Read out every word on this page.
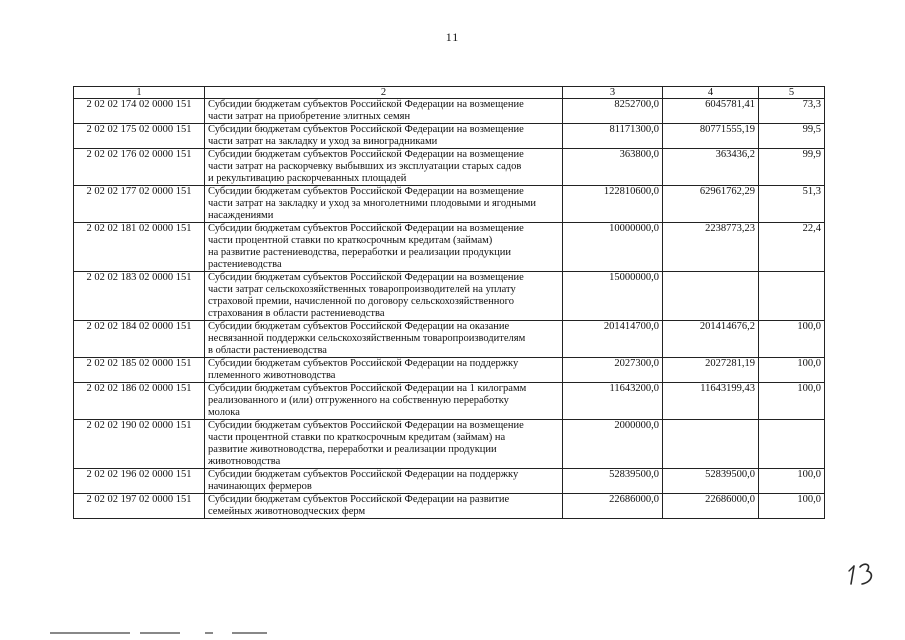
11
1	2	3	4	5
2 02 02 174 02 0000 151	Субсидии бюджетам субъектов Российской Федерации на возмещение
части затрат на приобретение элитных семян	8252700,0	6045781,41	73,3
2 02 02 175 02 0000 151	Субсидии бюджетам субъектов Российской Федерации на возмещение
части затрат на закладку и уход за виноградниками	81171300,0	80771555,19	99,5
2 02 02 176 02 0000 151	Субсидии бюджетам субъектов Российской Федерации на возмещение
части затрат на раскорчевку выбывших из эксплуатации старых садов
и рекультивацию раскорчеванных площадей	363800,0	363436,2	99,9
2 02 02 177 02 0000 151	Субсидии бюджетам субъектов Российской Федерации на возмещение
части затрат на закладку и уход за многолетними плодовыми и ягодными
насаждениями	122810600,0	62961762,29	51,3
2 02 02 181 02 0000 151	Субсидии бюджетам субъектов Российской Федерации на возмещение
части процентной ставки по краткосрочным кредитам (займам)
на развитие растениеводства, переработки и реализации продукции
растениеводства	10000000,0	2238773,23	22,4
2 02 02 183 02 0000 151	Субсидии бюджетам субъектов Российской Федерации на возмещение
части затрат сельскохозяйственных товаропроизводителей на уплату
страховой премии, начисленной по договору сельскохозяйственного
страхования в области растениеводства	15000000,0		
2 02 02 184 02 0000 151	Субсидии бюджетам субъектов Российской Федерации на оказание
несвязанной поддержки сельскохозяйственным товаропроизводителям
в области растениеводства	201414700,0	201414676,2	100,0
2 02 02 185 02 0000 151	Субсидии бюджетам субъектов Российской Федерации на поддержку
племенного животноводства	2027300,0	2027281,19	100,0
2 02 02 186 02 0000 151	Субсидии бюджетам субъектов Российской Федерации на 1 килограмм
реализованного и (или) отгруженного на собственную переработку
молока	11643200,0	11643199,43	100,0
2 02 02 190 02 0000 151	Субсидии бюджетам субъектов Российской Федерации на возмещение
части процентной ставки по краткосрочным кредитам (займам) на
развитие животноводства, переработки и реализации продукции
животноводства	2000000,0		
2 02 02 196 02 0000 151	Субсидии бюджетам субъектов Российской Федерации на поддержку
начинающих фермеров	52839500,0	52839500,0	100,0
2 02 02 197 02 0000 151	Субсидии бюджетам субъектов Российской Федерации на развитие
семейных животноводческих ферм	22686000,0	22686000,0	100,0
